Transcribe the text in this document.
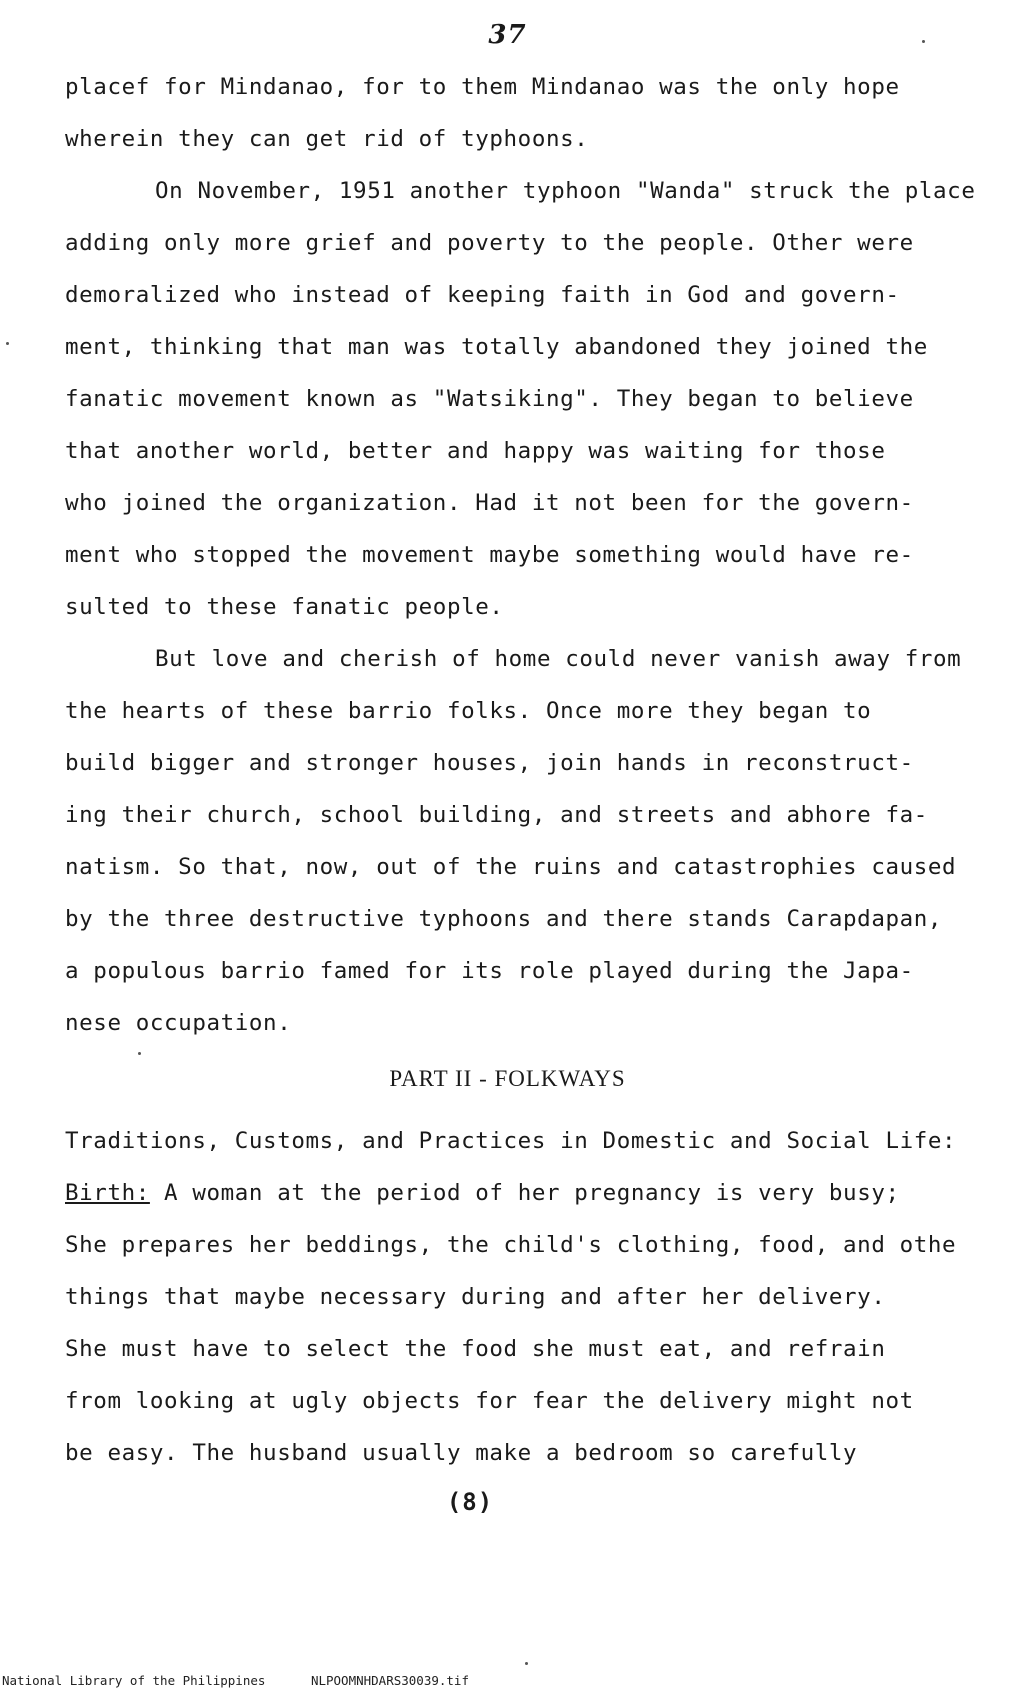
37
placef for Mindanao, for to them Mindanao was the only hope
wherein they can get rid of typhoons.
On November, 1951 another typhoon "Wanda" struck the place
adding only more grief and poverty to the people. Other were
demoralized who instead of keeping faith in God and govern-
ment, thinking that man was totally abandoned they joined the
fanatic movement known as "Watsiking". They began to believe
that another world, better and happy was waiting for those
who joined the organization. Had it not been for the govern-
ment who stopped the movement maybe something would have re-
sulted to these fanatic people.
But love and cherish of home could never vanish away from
the hearts of these barrio folks. Once more they began to
build bigger and stronger houses, join hands in reconstruct-
ing their church, school building, and streets and abhore fa-
natism. So that, now, out of the ruins and catastrophies caused
by the three destructive typhoons and there stands Carapdapan,
a populous barrio famed for its role played during the Japa-
nese occupation.
PART II - FOLKWAYS
Traditions, Customs, and Practices in Domestic and Social Life:
Birth: A woman at the period of her pregnancy is very busy;
She prepares her beddings, the child's clothing, food, and othe
things that maybe necessary during and after her delivery.
She must have to select the food she must eat, and refrain
from looking at ugly objects for fear the delivery might not
be easy. The husband usually make a bedroom so carefully
(8)
National Library of the Philippines	NLPOOMNHDARS30039.tif
